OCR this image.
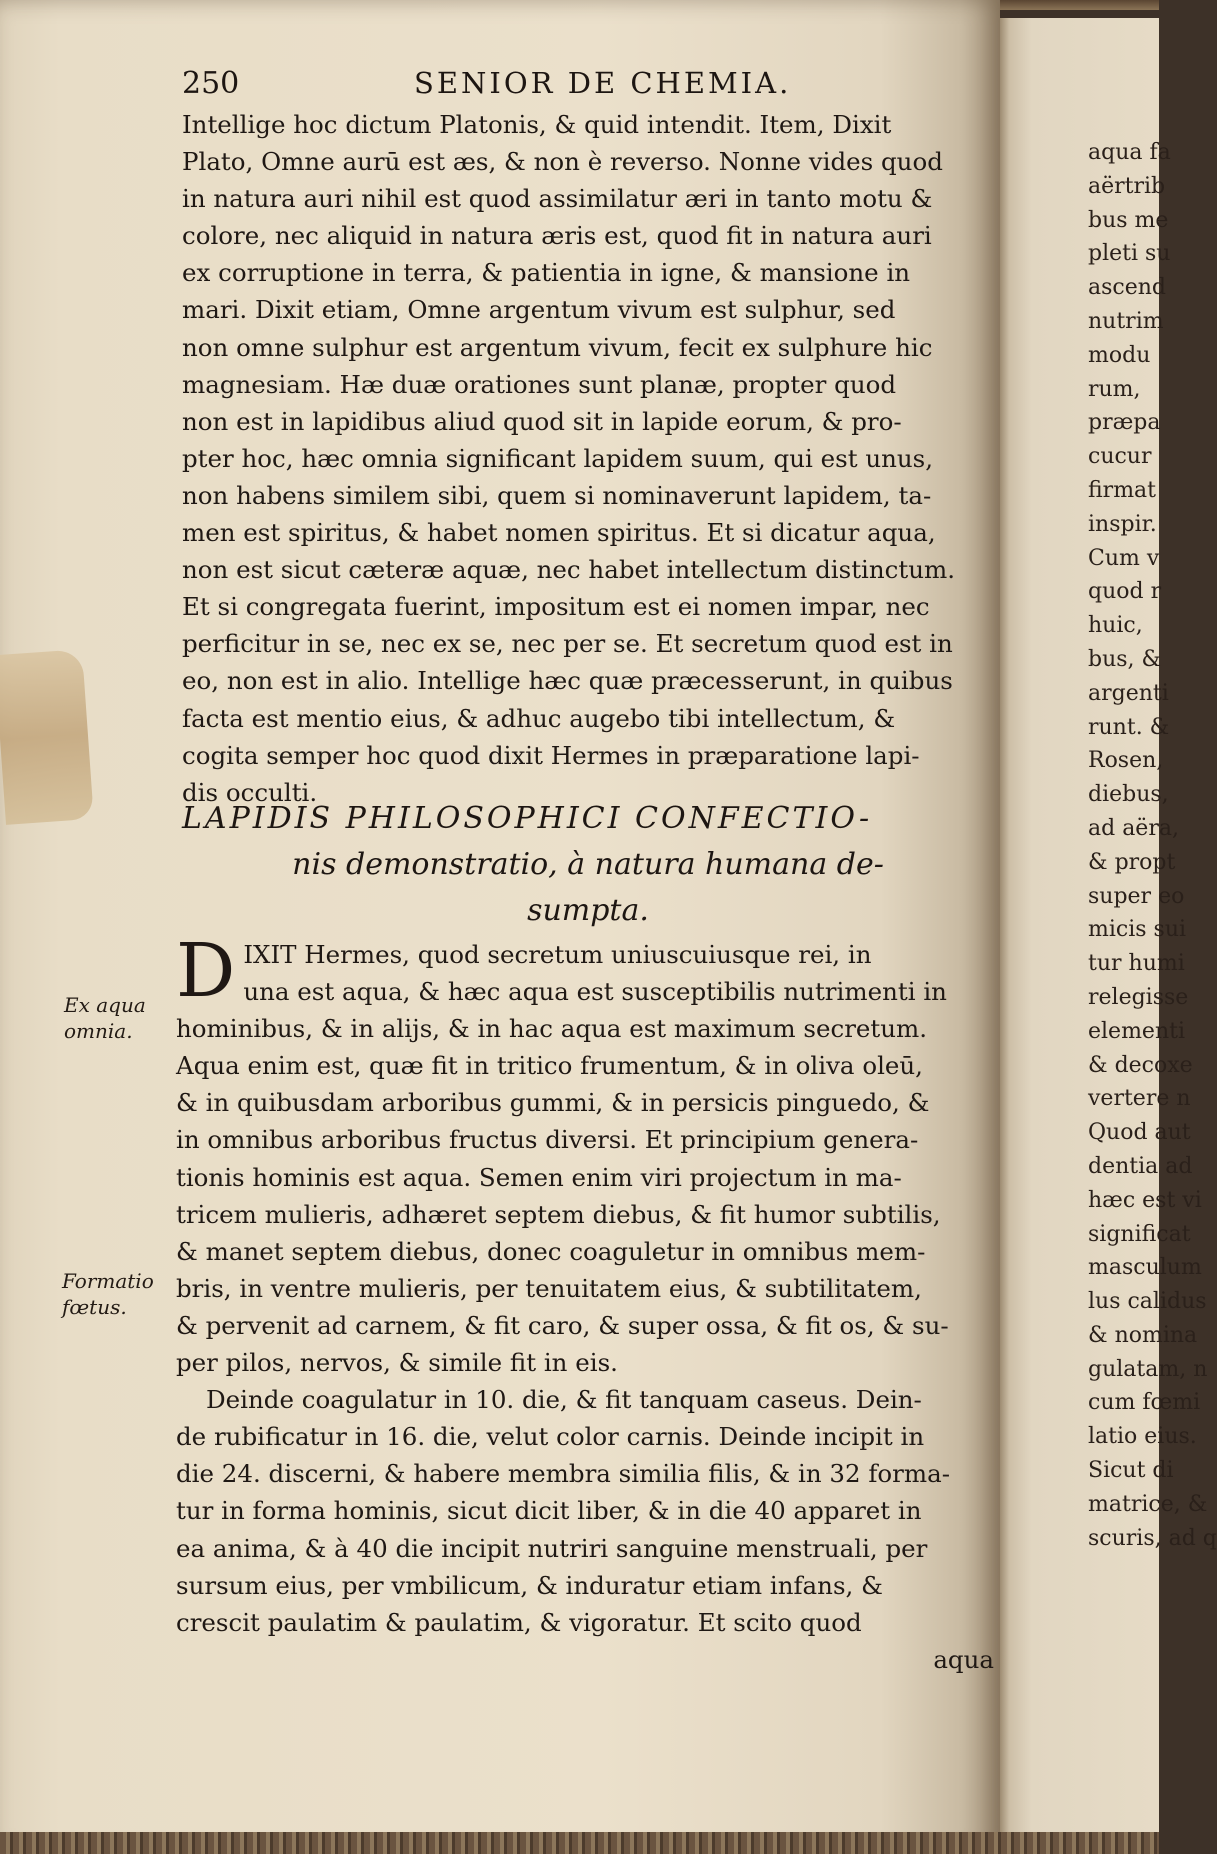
250	SENIOR DE CHEMIA.
Intellige hoc dictum Platonis, & quid intendit. Item, Dixit
Plato, Omne aurū est æs, & non è reverso. Nonne vides quod
in natura auri nihil est quod assimilatur æri in tanto motu &
colore, nec aliquid in natura æris est, quod fit in natura auri
ex corruptione in terra, & patientia in igne, & mansione in
mari. Dixit etiam, Omne argentum vivum est sulphur, sed
non omne sulphur est argentum vivum, fecit ex sulphure hic
magnesiam. Hæ duæ orationes sunt planæ, propter quod
non est in lapidibus aliud quod sit in lapide eorum, & pro-
pter hoc, hæc omnia significant lapidem suum, qui est unus,
non habens similem sibi, quem si nominaverunt lapidem, ta-
men est spiritus, & habet nomen spiritus. Et si dicatur aqua,
non est sicut cæteræ aquæ, nec habet intellectum distinctum.
Et si congregata fuerint, impositum est ei nomen impar, nec
perficitur in se, nec ex se, nec per se. Et secretum quod est in
eo, non est in alio. Intellige hæc quæ præcesserunt, in quibus
facta est mentio eius, & adhuc augebo tibi intellectum, &
cogita semper hoc quod dixit Hermes in præparatione lapi-
dis occulti.
LAPIDIS PHILOSOPHICI CONFECTIO-
nis demonstratio, à natura humana de-
sumpta.
D IXIT Hermes, quod secretum uniuscuiusque rei, in
una est aqua, & hæc aqua est susceptibilis nutrimenti in
hominibus, & in alijs, & in hac aqua est maximum secretum.
Aqua enim est, quæ fit in tritico frumentum, & in oliva oleū,
& in quibusdam arboribus gummi, & in persicis pinguedo, &
in omnibus arboribus fructus diversi. Et principium genera-
tionis hominis est aqua. Semen enim viri projectum in ma-
tricem mulieris, adhæret septem diebus, & fit humor subtilis,
& manet septem diebus, donec coaguletur in omnibus mem-
bris, in ventre mulieris, per tenuitatem eius, & subtilitatem,
& pervenit ad carnem, & fit caro, & super ossa, & fit os, & su-
per pilos, nervos, & simile fit in eis.
Deinde coagulatur in 10. die, & fit tanquam caseus. Dein-
de rubificatur in 16. die, velut color carnis. Deinde incipit in
die 24. discerni, & habere membra similia filis, & in 32 forma-
tur in forma hominis, sicut dicit liber, & in die 40 apparet in
ea anima, & à 40 die incipit nutriri sanguine menstruali, per
sursum eius, per vmbilicum, & induratur etiam infans, &
crescit paulatim & paulatim, & vigoratur. Et scito quod
aqua
Ex aqua omnia.
Formatio fœtus.
aqua fa
aërtrib
bus me
pleti su
ascend
nutrim
modu
rum,
præpa
cucur
firmat
inspir.
Cum v
quod r
huic,
bus, &
argenti
runt. &
Rosen,
diebus,
ad aëra,
& propt
super eo
micis sui
tur humi
relegisse
elementi
& decoxe
vertere n
Quod aut
dentia ad
hæc est vi
significat
masculum
lus calidus
& nomina
gulatam, n
cum fœmi
latio eius.
Sicut di
matrice, &
scuris, ad q
